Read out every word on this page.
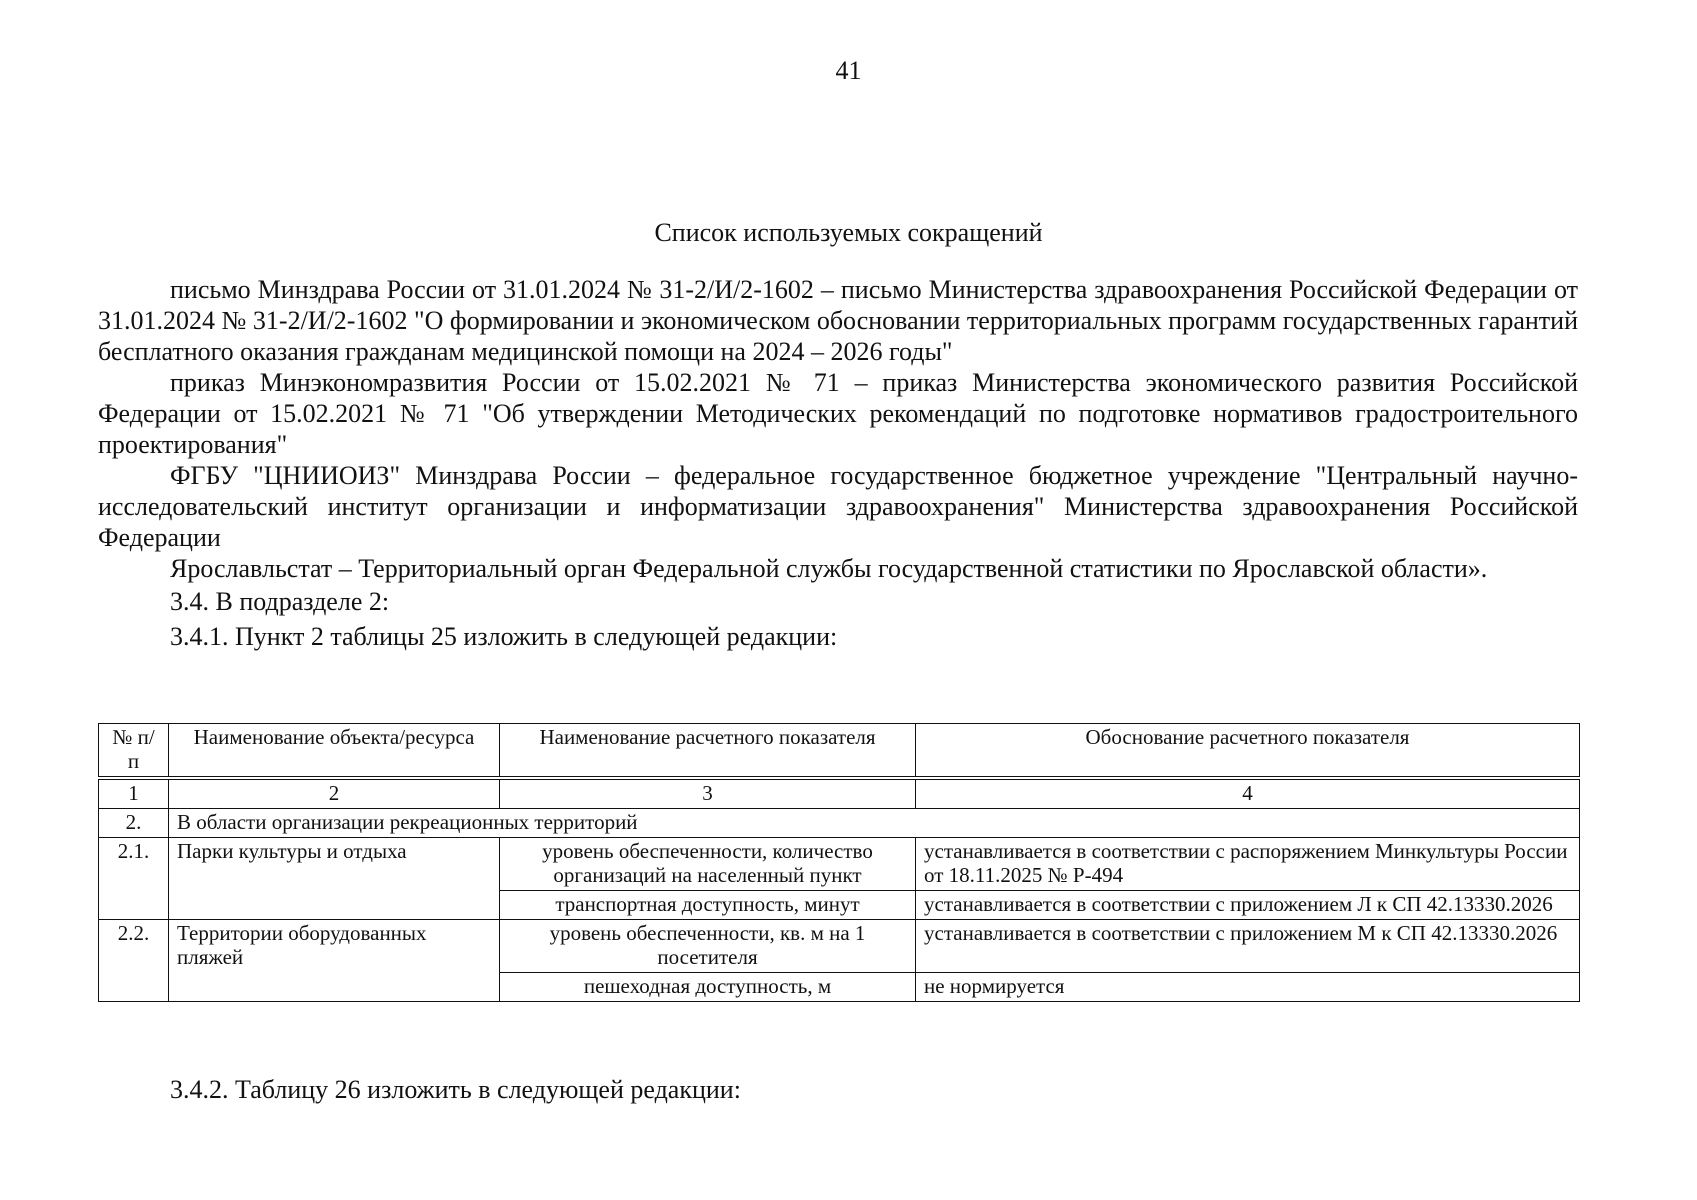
41
Список используемых сокращений

письмо Минздрава России от 31.01.2024 № 31-2/И/2-1602 – письмо Министерства здравоохранения Российской Федерации от 31.01.2024 № 31-2/И/2-1602 "О формировании и экономическом обосновании территориальных программ государственных гарантий бесплатного оказания гражданам медицинской помощи на 2024 – 2026 годы"

приказ Минэкономразвития России от 15.02.2021 № 71 – приказ Министерства экономического развития Российской Федерации от 15.02.2021 № 71 "Об утверждении Методических рекомендаций по подготовке нормативов градостроительного проектирования"

ФГБУ "ЦНИИОИЗ" Минздрава России – федеральное государственное бюджетное учреждение "Центральный научно-исследовательский институт организации и информатизации здравоохранения" Министерства здравоохранения Российской Федерации

Ярославльстат – Территориальный орган Федеральной службы государственной статистики по Ярославской области».

3.4. В подразделе 2:

3.4.1. Пункт 2 таблицы 25 изложить в следующей редакции:

№ п/п	Наименование объекта/ресурса	Наименование расчетного показателя	Обоснование расчетного показателя

1	2	3	4
2.	В области организации рекреационных территорий		
2.1.	Парки культуры и отдыха	уровень обеспеченности, количество организаций на населенный пункт	устанавливается в соответствии с распоряжением Минкультуры России от 18.11.2025 № Р-494
		транспортная доступность, минут	устанавливается в соответствии с приложением Л к СП 42.13330.2026
2.2.	Территории оборудованных пляжей	уровень обеспеченности, кв. м на 1 посетителя	устанавливается в соответствии с приложением М к СП 42.13330.2026
		пешеходная доступность, м	не нормируется
3.4.2. Таблицу 26 изложить в следующей редакции:
